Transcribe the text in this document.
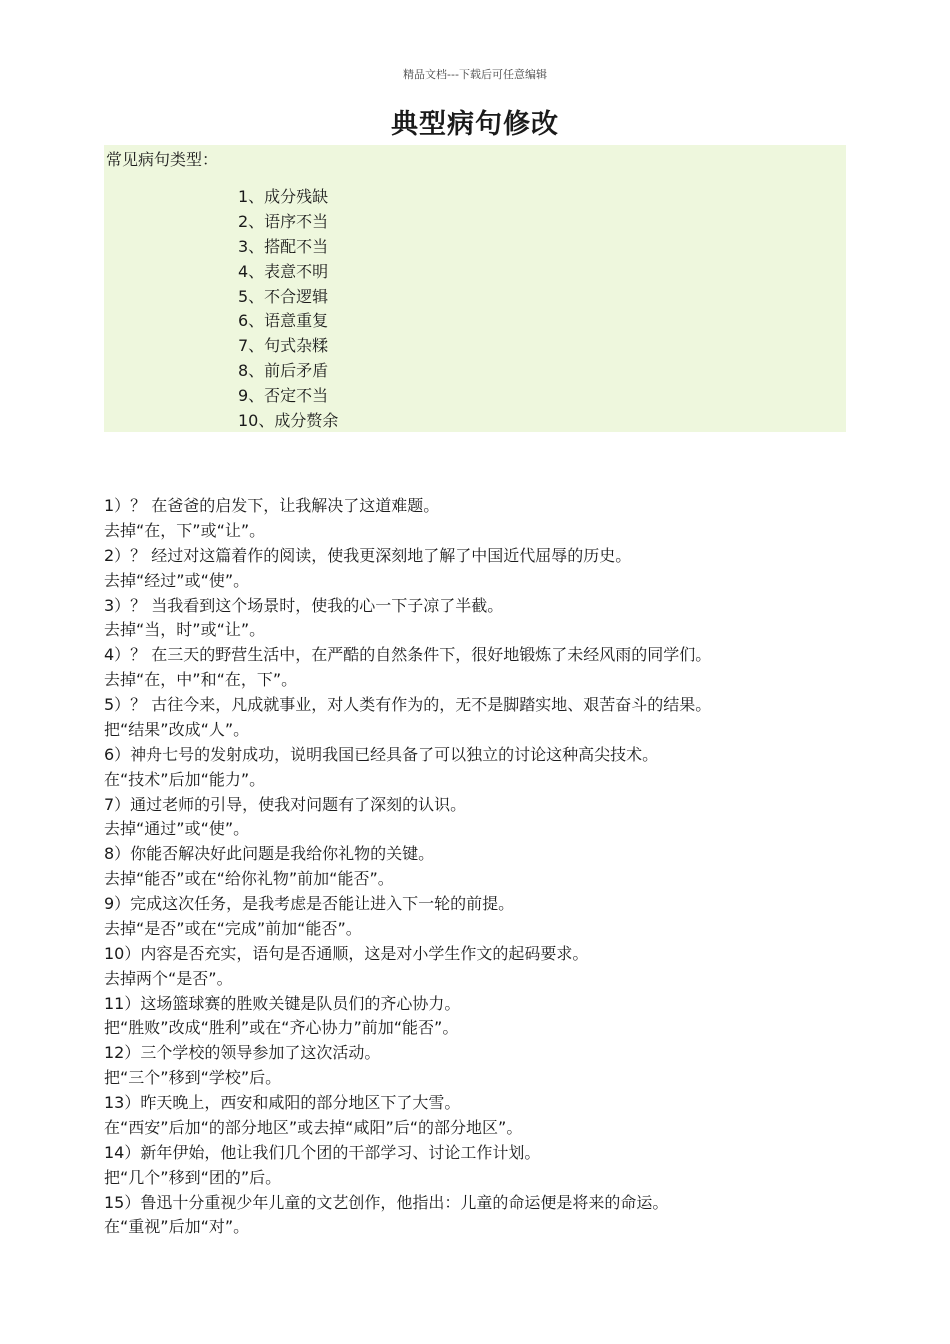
精品文档---下载后可任意编辑
典型病句修改
常见病句类型：
1、成分残缺
2、语序不当
3、搭配不当
4、表意不明
5、不合逻辑
6、语意重复
7、句式杂糅
8、前后矛盾
9、否定不当
10、成分赘余
1）？ 在爸爸的启发下，让我解决了这道难题。
去掉“在，下”或“让”。
2）？ 经过对这篇着作的阅读，使我更深刻地了解了中国近代屈辱的历史。
去掉“经过”或“使”。
3）？ 当我看到这个场景时，使我的心一下子凉了半截。
去掉“当，时”或“让”。
4）？ 在三天的野营生活中，在严酷的自然条件下，很好地锻炼了未经风雨的同学们。
去掉“在，中”和“在，下”。
5）？ 古往今来，凡成就事业，对人类有作为的，无不是脚踏实地、艰苦奋斗的结果。
把“结果”改成“人”。
6）神舟七号的发射成功，说明我国已经具备了可以独立的讨论这种高尖技术。
在“技术”后加“能力”。
7）通过老师的引导，使我对问题有了深刻的认识。
去掉“通过”或“使”。
8）你能否解决好此问题是我给你礼物的关键。
去掉“能否”或在“给你礼物”前加“能否”。
9）完成这次任务，是我考虑是否能让进入下一轮的前提。
去掉“是否”或在“完成”前加“能否”。
10）内容是否充实，语句是否通顺，这是对小学生作文的起码要求。
去掉两个“是否”。
11）这场篮球赛的胜败关键是队员们的齐心协力。
把“胜败”改成“胜利”或在“齐心协力”前加“能否”。
12）三个学校的领导参加了这次活动。
把“三个”移到“学校”后。
13）昨天晚上，西安和咸阳的部分地区下了大雪。
在“西安”后加“的部分地区”或去掉“咸阳”后“的部分地区”。
14）新年伊始，他让我们几个团的干部学习、讨论工作计划。
把“几个”移到“团的”后。
15）鲁迅十分重视少年儿童的文艺创作，他指出：儿童的命运便是将来的命运。
在“重视”后加“对”。
